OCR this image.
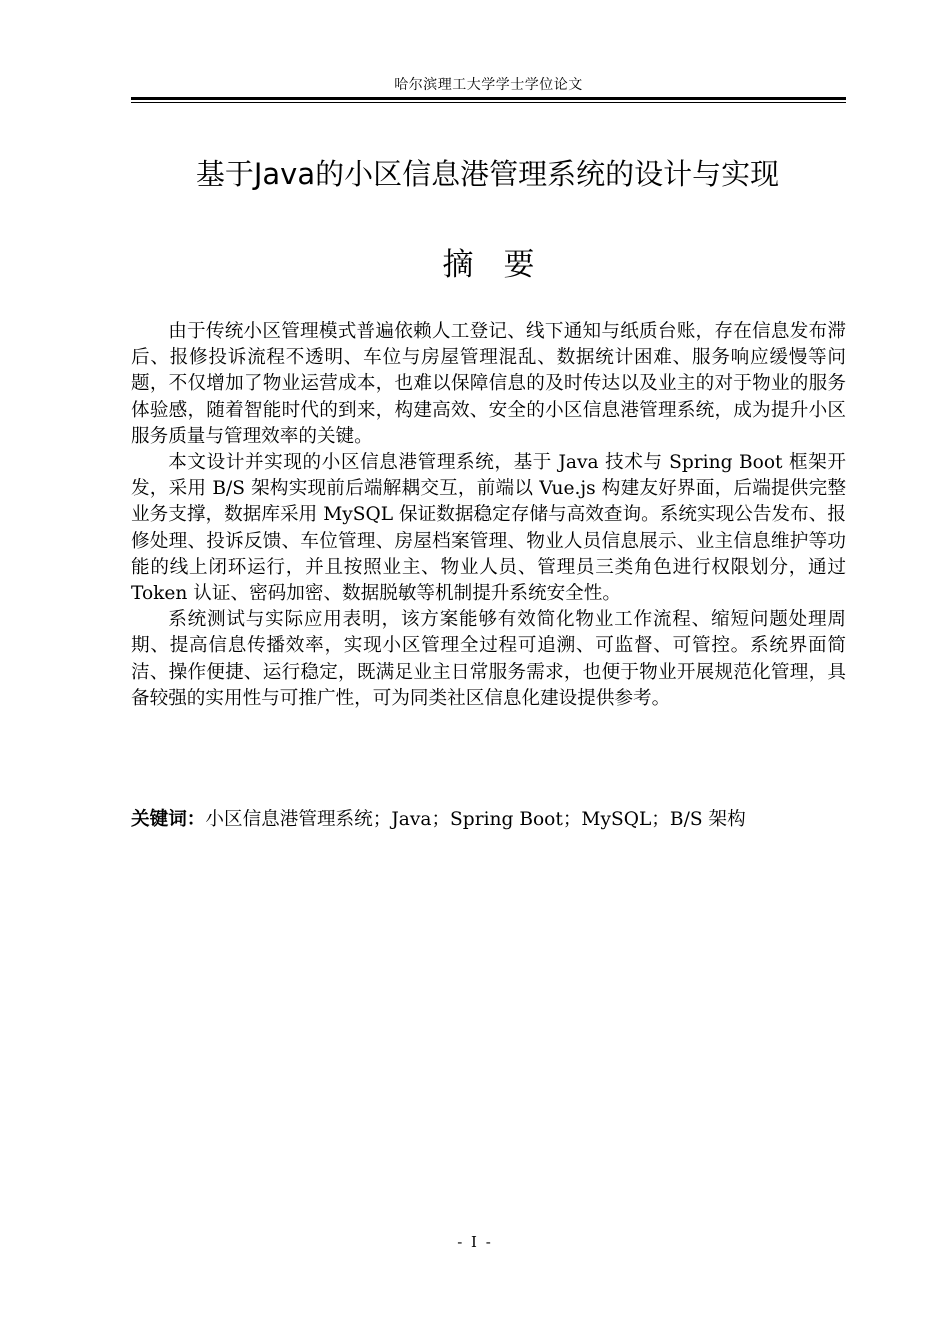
哈尔滨理工大学学士学位论文
基于Java的小区信息港管理系统的设计与实现
摘要

由于传统小区管理模式普遍依赖人工登记、线下通知与纸质台账，存在信息发布滞后、报修投诉流程不透明、车位与房屋管理混乱、数据统计困难、服务响应缓慢等问题，不仅增加了物业运营成本，也难以保障信息的及时传达以及业主的对于物业的服务体验感，随着智能时代的到来，构建高效、安全的小区信息港管理系统，成为提升小区服务质量与管理效率的关键。

本文设计并实现的小区信息港管理系统，基于 Java 技术与 Spring Boot 框架开发，采用 B/S 架构实现前后端解耦交互，前端以 Vue.js 构建友好界面，后端提供完整业务支撑，数据库采用 MySQL 保证数据稳定存储与高效查询。系统实现公告发布、报修处理、投诉反馈、车位管理、房屋档案管理、物业人员信息展示、业主信息维护等功能的线上闭环运行，并且按照业主、物业人员、管理员三类角色进行权限划分，通过 Token 认证、密码加密、数据脱敏等机制提升系统安全性。

系统测试与实际应用表明，该方案能够有效简化物业工作流程、缩短问题处理周期、提高信息传播效率，实现小区管理全过程可追溯、可监督、可管控。系统界面简洁、操作便捷、运行稳定，既满足业主日常服务需求，也便于物业开展规范化管理，具备较强的实用性与可推广性，可为同类社区信息化建设提供参考。

关键词：小区信息港管理系统；Java；Spring Boot；MySQL；B/S 架构
- I -
